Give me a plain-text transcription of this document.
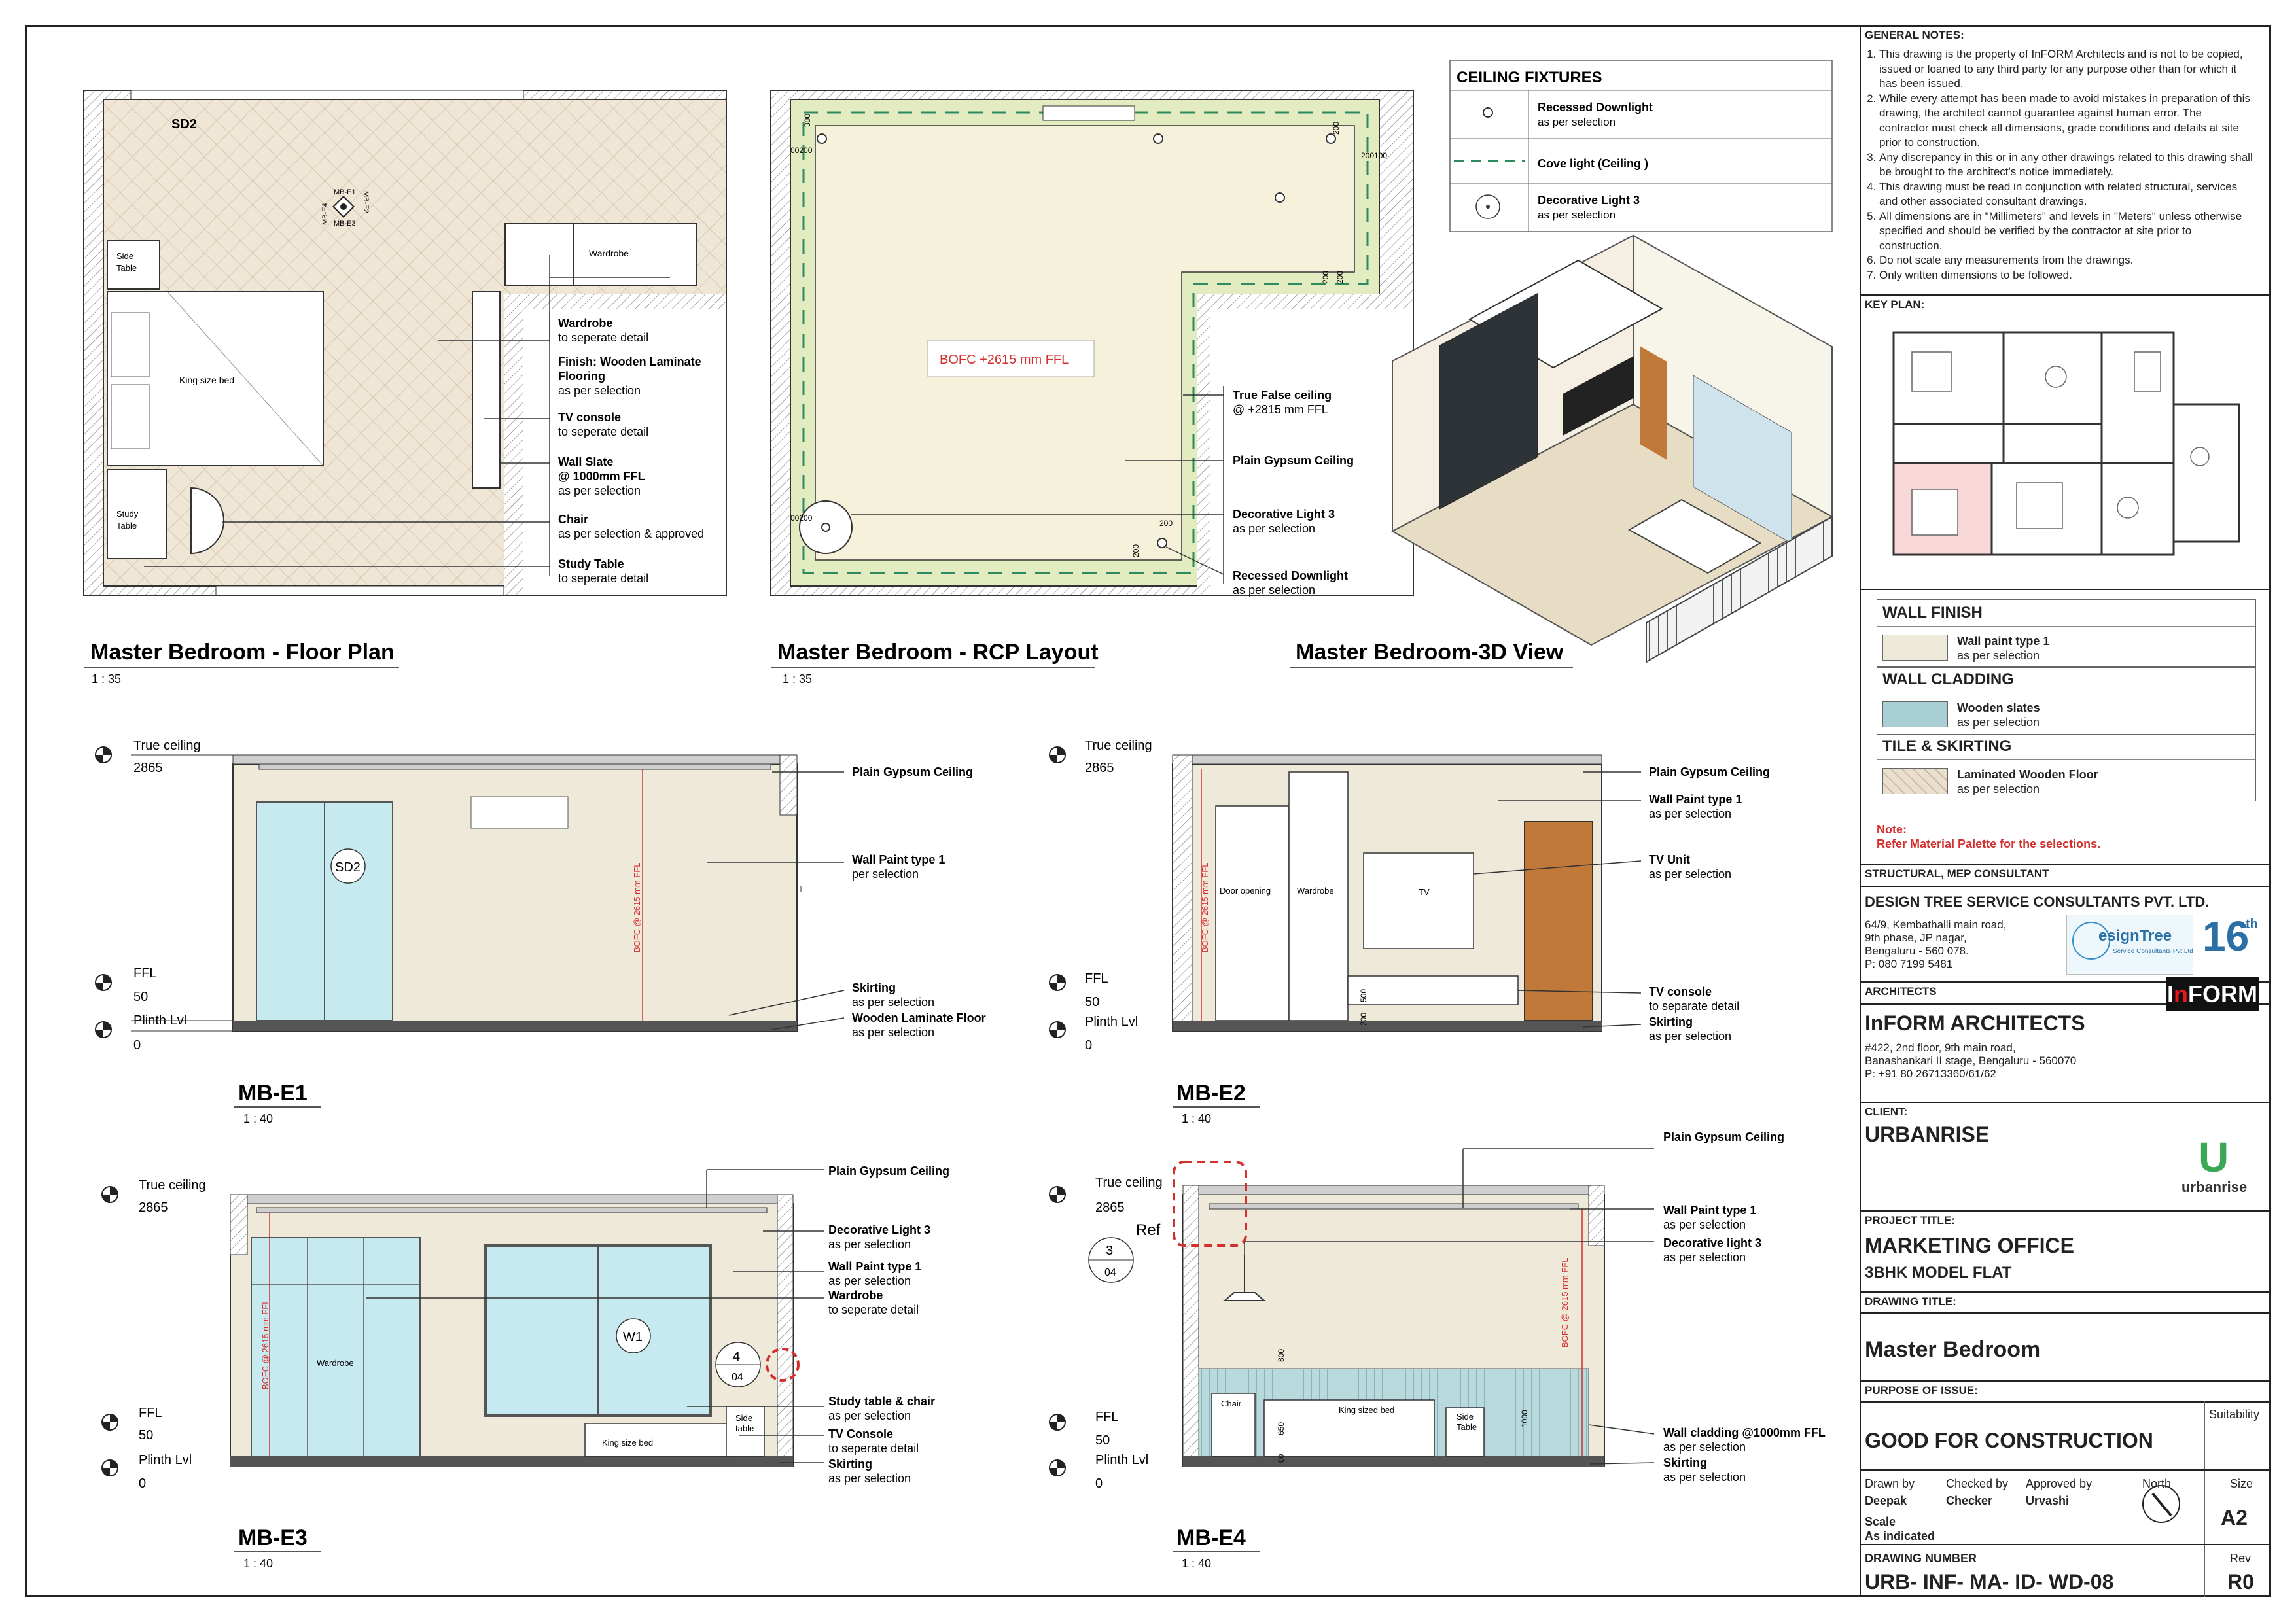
Wardrobe
King size bed
Side
Table
Study
Table
SD2
MB-E1
MB-E3
MB-E4
MB-E2
Wardrobe
to seperate detail
Finish: Wooden Laminate
Flooring
as per selection
TV console
to seperate detail
Wall Slate
@ 1000mm FFL
as per selection
Chair
as per selection & approved
Study Table
to seperate detail
Master Bedroom - Floor Plan
1 : 35
BOFC +2615 mm FFL
00200
200100
00200
200
300
200
200 200
200
True False ceiling
@ +2815 mm FFL
Plain Gypsum Ceiling
Decorative Light 3
as per selection
Recessed Downlight
as per selection
Master Bedroom - RCP Layout
1 : 35
CEILING FIXTURES
Recessed Downlight
as per selection
Cove light (Ceiling )
Decorative Light 3
as per selection
Master Bedroom-3D View
SD2	BOFC @ 2615 mm FFL
True ceiling
2865
FFL
50
Plinth Lvl
0
Plain Gypsum Ceiling
Wall Paint type 1
per selection
Skirting
as per selection
Wooden Laminate Floor
as per selection
MB-E1
1 : 40
Door opening	Wardrobe	TV
BOFC @ 2615 mm FFL
500
200
True ceiling
2865
FFL
50
Plinth Lvl
0
Plain Gypsum Ceiling
Wall Paint type 1
as per selection
TV Unit
as per selection
TV console
to separate detail
Skirting
as per selection
MB-E2
1 : 40
Wardrobe
W1
King size bed
Side
table
BOFC @ 2615 mm FFL	4
04
True ceiling
2865
FFL
50
Plinth Lvl
0
Plain Gypsum Ceiling
Decorative Light 3
as per selection
Wall Paint type 1
as per selection
Wardrobe
to seperate detail
Study table & chair
as per selection
TV Console
to seperate detail
Skirting
as per selection
MB-E3
1 : 40
Chair
King sized bed
Side
Table
BOFC @ 2615 mm FFL
800
650
00
1000
Ref
3
04
True ceiling
2865
FFL
50
Plinth Lvl
0
Plain Gypsum Ceiling
Wall Paint type 1
as per selection
Decorative light 3
as per selection
Wall cladding @1000mm FFL
as per selection
Skirting
as per selection
MB-E4
1 : 40
GENERAL NOTES:
1. This drawing is the property of InFORM Architects and is not to be copied, issued or loaned to any third party for any purpose other than for which it has been issued.
2. While every attempt has been made to avoid mistakes in preparation of this drawing, the architect cannot guarantee against human error. The contractor must check all dimensions, grade conditions and details at site prior to construction.
3. Any discrepancy in this or in any other drawings related to this drawing shall be brought to the architect's notice immediately.
4. This drawing must be read in conjunction with related structural, services and other associated consultant drawings.
5. All dimensions are in "Millimeters" and levels in "Meters" unless otherwise specified and should be verified by the contractor at site prior to construction.
6. Do not scale any measurements from the drawings.
7. Only written dimensions to be followed.
KEY PLAN:
WALL FINISH
Wall paint type 1
as per selection
WALL CLADDING
Wooden slates
as per selection
TILE & SKIRTING
Laminated Wooden Floor
as per selection
Note:
Refer Material Palette for the selections.
STRUCTURAL, MEP CONSULTANT
DESIGN TREE SERVICE CONSULTANTS PVT. LTD.
64/9, Kembathalli main road,
9th phase, JP nagar,
Bengaluru - 560 078.
P: 080 7199 5481
esignTree
Service Consultants Pvt Ltd 16
th
ARCHITECTS
InFORM ARCHITECTS
#422, 2nd floor, 9th main road,
Banashankari II stage, Bengaluru - 560070
P: +91 80 26713360/61/62
InFORM
CLIENT:
URBANRISE	U
urbanrise
PROJECT TITLE:
MARKETING OFFICE
3BHK MODEL FLAT
DRAWING TITLE:
Master Bedroom
PURPOSE OF ISSUE:
Suitability
GOOD FOR CONSTRUCTION
Drawn by	Checked by Approved by
Deepak	Checker	Urvashi
Scale
As indicated
North	Size
A2
DRAWING NUMBER
URB- INF- MA- ID- WD-08
Rev
R0
